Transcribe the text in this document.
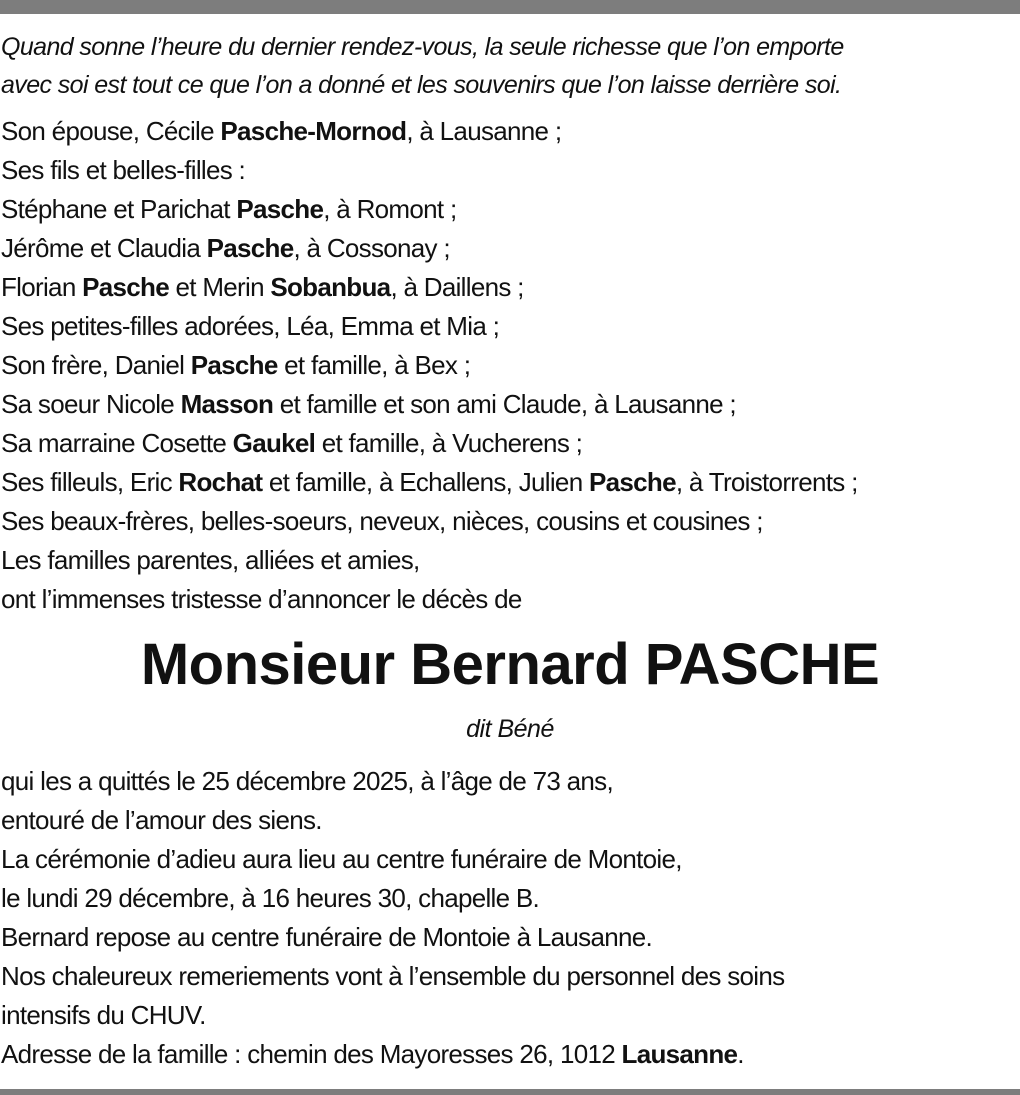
Quand sonne l’heure du dernier rendez-vous, la seule richesse que l’on emporte
avec soi est tout ce que l’on a donné et les souvenirs que l’on laisse derrière soi.

Son épouse, Cécile Pasche-Mornod, à Lausanne ;
Ses fils et belles-filles :
Stéphane et Parichat Pasche, à Romont ;
Jérôme et Claudia Pasche, à Cossonay ;
Florian Pasche et Merin Sobanbua, à Daillens ;
Ses petites-filles adorées, Léa, Emma et Mia ;
Son frère, Daniel Pasche et famille, à Bex ;
Sa soeur Nicole Masson et famille et son ami Claude, à Lausanne ;
Sa marraine Cosette Gaukel et famille, à Vucherens ;
Ses filleuls, Eric Rochat et famille, à Echallens, Julien Pasche, à Troistorrents ;
Ses beaux-frères, belles-soeurs, neveux, nièces, cousins et cousines ;
Les familles parentes, alliées et amies,
ont l’immenses tristesse d’annoncer le décès de
Monsieur Bernard PASCHE

dit Béné

qui les a quittés le 25 décembre 2025, à l’âge de 73 ans,
entouré de l’amour des siens.
La cérémonie d’adieu aura lieu au centre funéraire de Montoie,
le lundi 29 décembre, à 16 heures 30, chapelle B.
Bernard repose au centre funéraire de Montoie à Lausanne.
Nos chaleureux remeriements vont à l’ensemble du personnel des soins
intensifs du CHUV.
Adresse de la famille : chemin des Mayoresses 26, 1012 Lausanne.
